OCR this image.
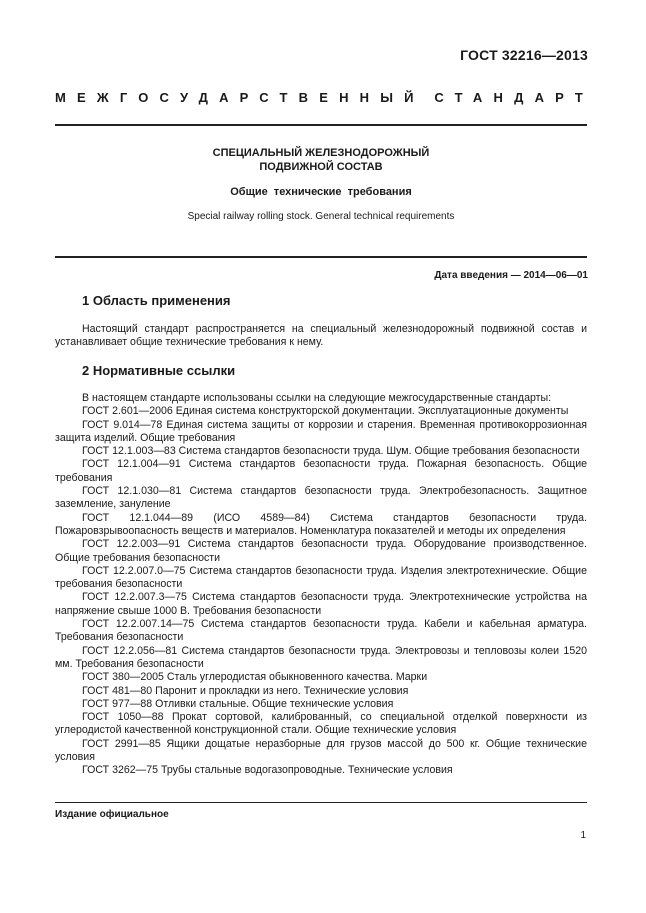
ГОСТ 32216—2013
МЕЖГОСУДАРСТВЕННЫЙ СТАНДАРТ
СПЕЦИАЛЬНЫЙ ЖЕЛЕЗНОДОРОЖНЫЙ
ПОДВИЖНОЙ СОСТАВ
Общие технические требования
Special railway rolling stock. General technical requirements
Дата введения — 2014—06—01
1 Область применения

Настоящий стандарт распространяется на специальный железнодорожный подвижной состав и устанавливает общие технические требования к нему.

2 Нормативные ссылки

В настоящем стандарте использованы ссылки на следующие межгосударственные стандарты:

ГОСТ 2.601—2006 Единая система конструкторской документации. Эксплуатационные документы

ГОСТ 9.014—78 Единая система защиты от коррозии и старения. Временная противокоррозионная защита изделий. Общие требования

ГОСТ 12.1.003—83 Система стандартов безопасности труда. Шум. Общие требования безопасности

ГОСТ 12.1.004—91 Система стандартов безопасности труда. Пожарная безопасность. Общие требования

ГОСТ 12.1.030—81 Система стандартов безопасности труда. Электробезопасность. Защитное заземление, зануление

ГОСТ 12.1.044—89 (ИСО 4589—84) Система стандартов безопасности труда. Пожаровзрывоопасность веществ и материалов. Номенклатура показателей и методы их определения

ГОСТ 12.2.003—91 Система стандартов безопасности труда. Оборудование производственное. Общие требования безопасности

ГОСТ 12.2.007.0—75 Система стандартов безопасности труда. Изделия электротехнические. Общие требования безопасности

ГОСТ 12.2.007.3—75 Система стандартов безопасности труда. Электротехнические устройства на напряжение свыше 1000 В. Требования безопасности

ГОСТ 12.2.007.14—75 Система стандартов безопасности труда. Кабели и кабельная арматура. Требования безопасности

ГОСТ 12.2.056—81 Система стандартов безопасности труда. Электровозы и тепловозы колеи 1520 мм. Требования безопасности

ГОСТ 380—2005 Сталь углеродистая обыкновенного качества. Марки

ГОСТ 481—80 Паронит и прокладки из него. Технические условия

ГОСТ 977—88 Отливки стальные. Общие технические условия

ГОСТ 1050—88 Прокат сортовой, калиброванный, со специальной отделкой поверхности из углеродистой качественной конструкционной стали. Общие технические условия

ГОСТ 2991—85 Ящики дощатые неразборные для грузов массой до 500 кг. Общие технические условия

ГОСТ 3262—75 Трубы стальные водогазопроводные. Технические условия

Издание официальное
1
